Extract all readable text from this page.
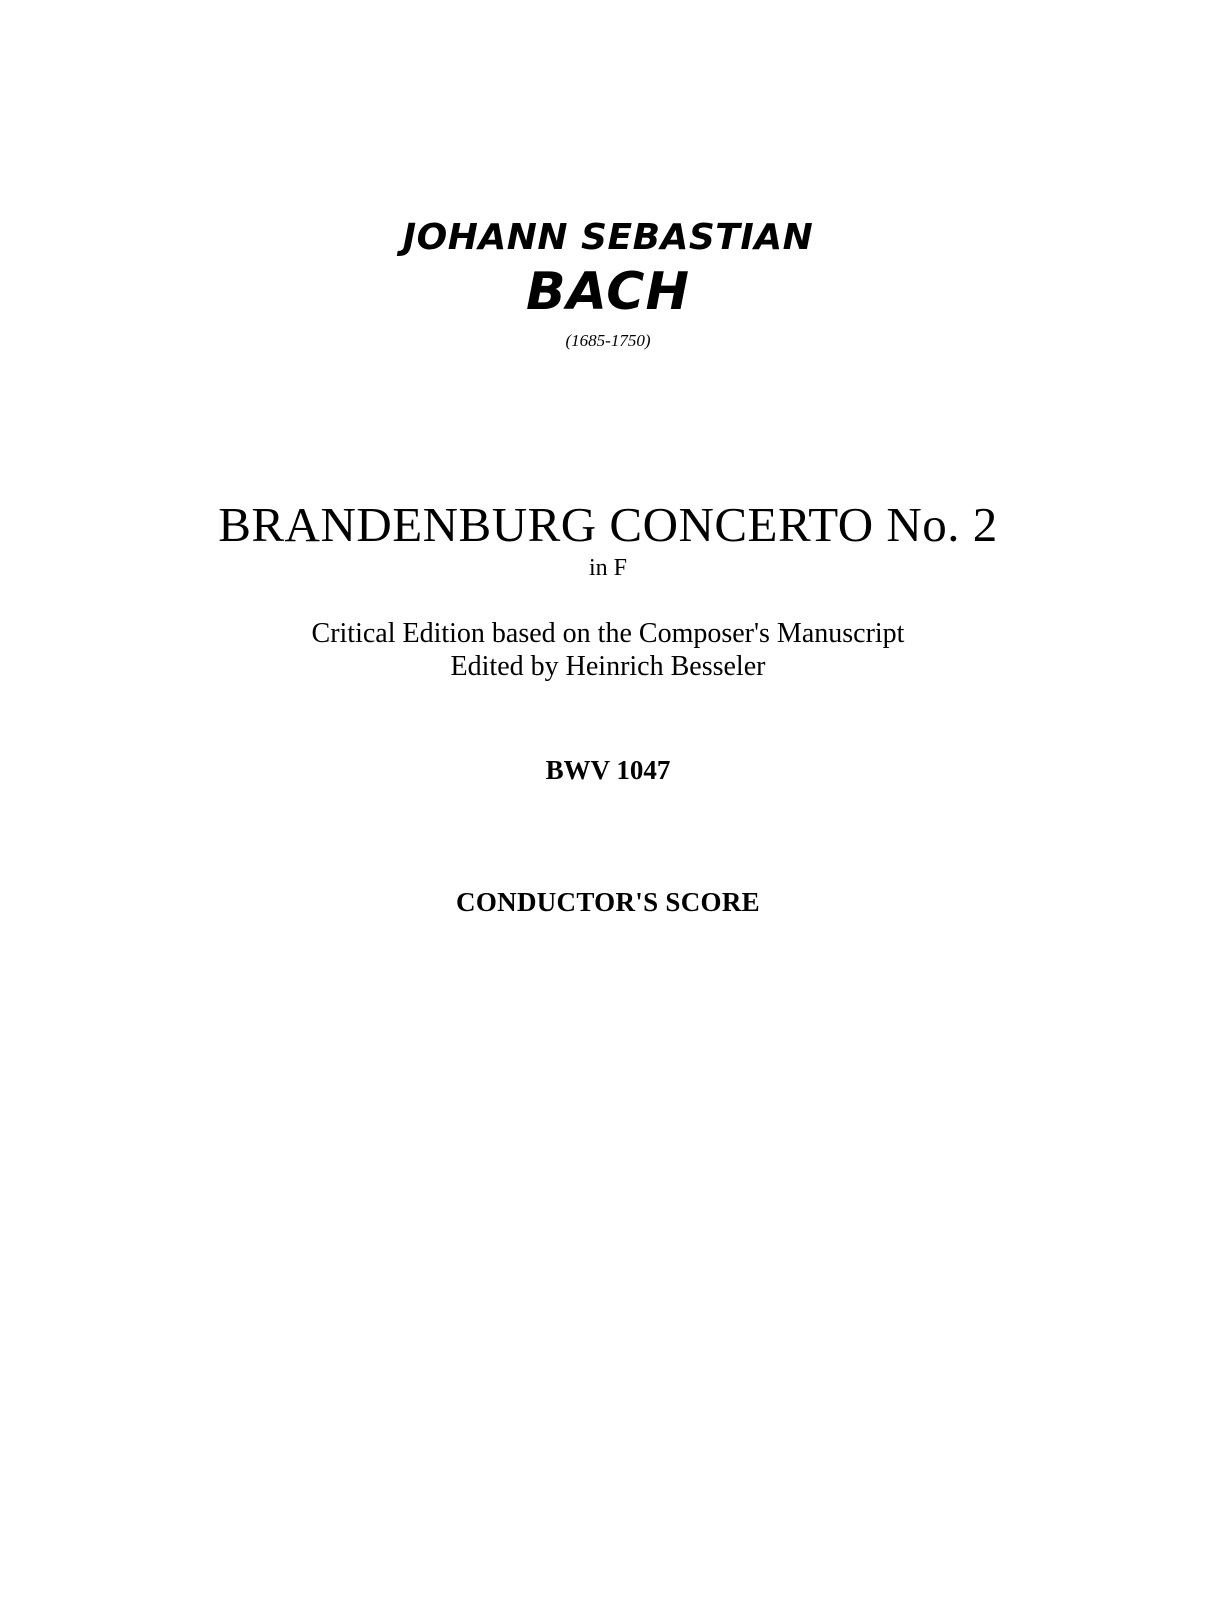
JOHANN SEBASTIAN
BACH
(1685-1750)
BRANDENBURG CONCERTO No. 2
in F
Critical Edition based on the Composer's Manuscript
Edited by Heinrich Besseler
BWV 1047
CONDUCTOR'S SCORE
